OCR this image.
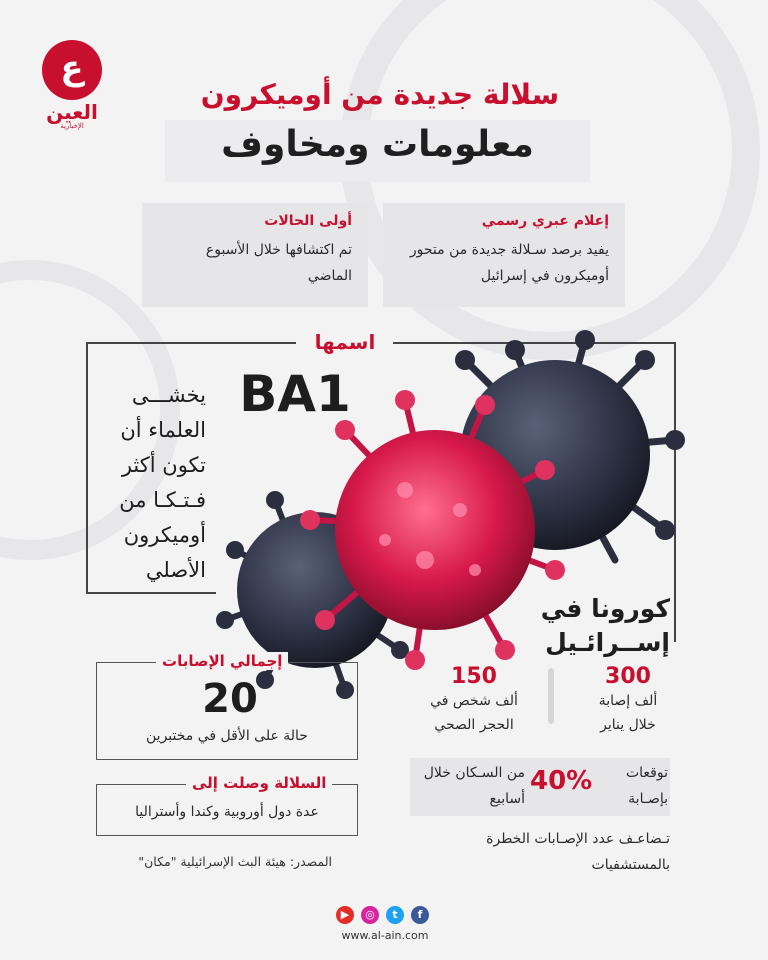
ع
العين
الإخبارية
سلالة جديدة من أوميكرون
معلومات ومخاوف
إعلام عبري رسمي
يفيد برصد سـلالة جديدة من متحور أوميكرون في إسرائيل
أولى الحالات
تم اكتشافها خلال الأسبوع الماضي
اسمها
BA1
يخشـــى العلماء أن تكون أكثر فـتـكـا من أوميكرون الأصلي
كورونا في
إســرائـيل
300
ألف إصابة خلال يناير
150
ألف شخص في الحجر الصحي
توقعات بإصـابة
40%
من السـكان خلال أسابيع
تـضاعـف عدد الإصـابات الخطرة بالمستشفيات
إجمالي الإصابات
20
حالة على الأقل في مختبرين
السلالة وصلت إلى
عدة دول أوروبية وكندا وأستراليا
المصدر: هيئة البث الإسرائيلية "مكان"
▶	◎	t	f
www.al-ain.com
